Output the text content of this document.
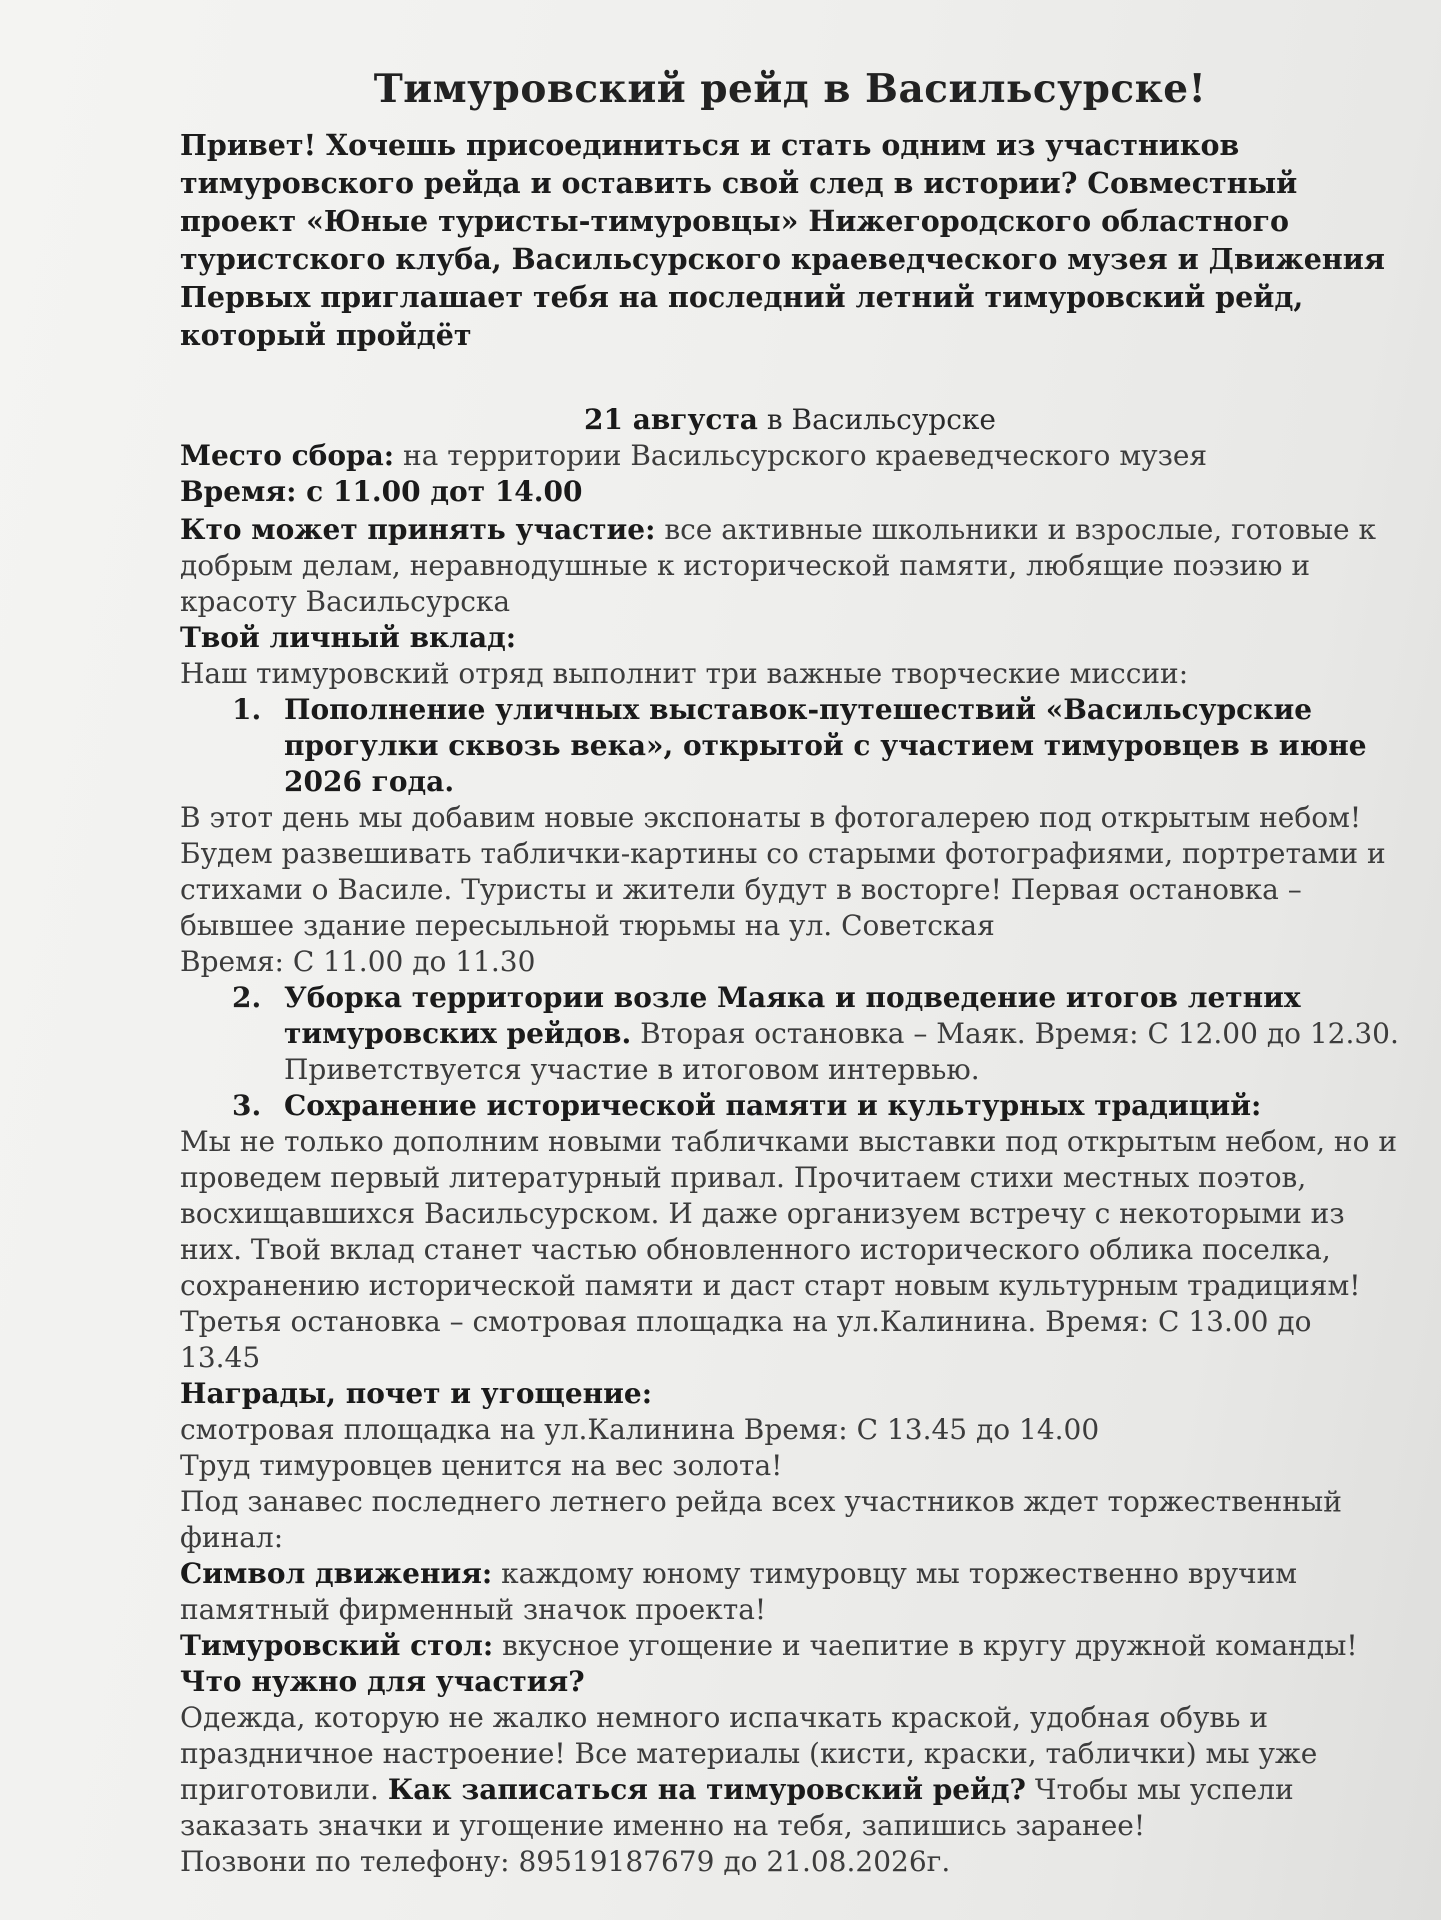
Тимуровский рейд в Васильсурске!

Привет! Хочешь присоединиться и стать одним из участников тимуровского рейда и оставить свой след в истории? Совместный проект «Юные туристы-тимуровцы» Нижегородского областного туристского клуба, Васильсурского краеведческого музея и Движения Первых приглашает тебя на последний летний тимуровский рейд, который пройдёт

21 августа в Васильсурске

Место сбора: на территории Васильсурского краеведческого музея

Время: с 11.00 дот 14.00

Кто может принять участие: все активные школьники и взрослые, готовые к добрым делам, неравнодушные к исторической памяти, любящие поэзию и красоту Васильсурска

Твой личный вклад:

Наш тимуровский отряд выполнит три важные творческие миссии:

1. Пополнение уличных выставок-путешествий «Васильсурские прогулки сквозь века», открытой с участием тимуровцев в июне 2026 года.

В этот день мы добавим новые экспонаты в фотогалерею под открытым небом! Будем развешивать таблички-картины со старыми фотографиями, портретами и стихами о Василе. Туристы и жители будут в восторге! Первая остановка – бывшее здание пересыльной тюрьмы на ул. Советская

Время: С 11.00 до 11.30

2. Уборка территории возле Маяка и подведение итогов летних тимуровских рейдов. Вторая остановка – Маяк. Время: С 12.00 до 12.30. Приветствуется участие в итоговом интервью.
3. Сохранение исторической памяти и культурных традиций:

Мы не только дополним новыми табличками выставки под открытым небом, но и проведем первый литературный привал. Прочитаем стихи местных поэтов, восхищавшихся Васильсурском. И даже организуем встречу с некоторыми из них. Твой вклад станет частью обновленного исторического облика поселка, сохранению исторической памяти и даст старт новым культурным традициям! Третья остановка – смотровая площадка на ул.Калинина. Время: С 13.00 до 13.45

Награды, почет и угощение:

смотровая площадка на ул.Калинина Время: С 13.45 до 14.00

Труд тимуровцев ценится на вес золота!

Под занавес последнего летнего рейда всех участников ждет торжественный финал:

Символ движения: каждому юному тимуровцу мы торжественно вручим памятный фирменный значок проекта!

Тимуровский стол: вкусное угощение и чаепитие в кругу дружной команды!

Что нужно для участия?

Одежда, которую не жалко немного испачкать краской, удобная обувь и праздничное настроение! Все материалы (кисти, краски, таблички) мы уже приготовили. Как записаться на тимуровский рейд? Чтобы мы успели заказать значки и угощение именно на тебя, запишись заранее!

Позвони по телефону: 89519187679 до 21.08.2026г.
